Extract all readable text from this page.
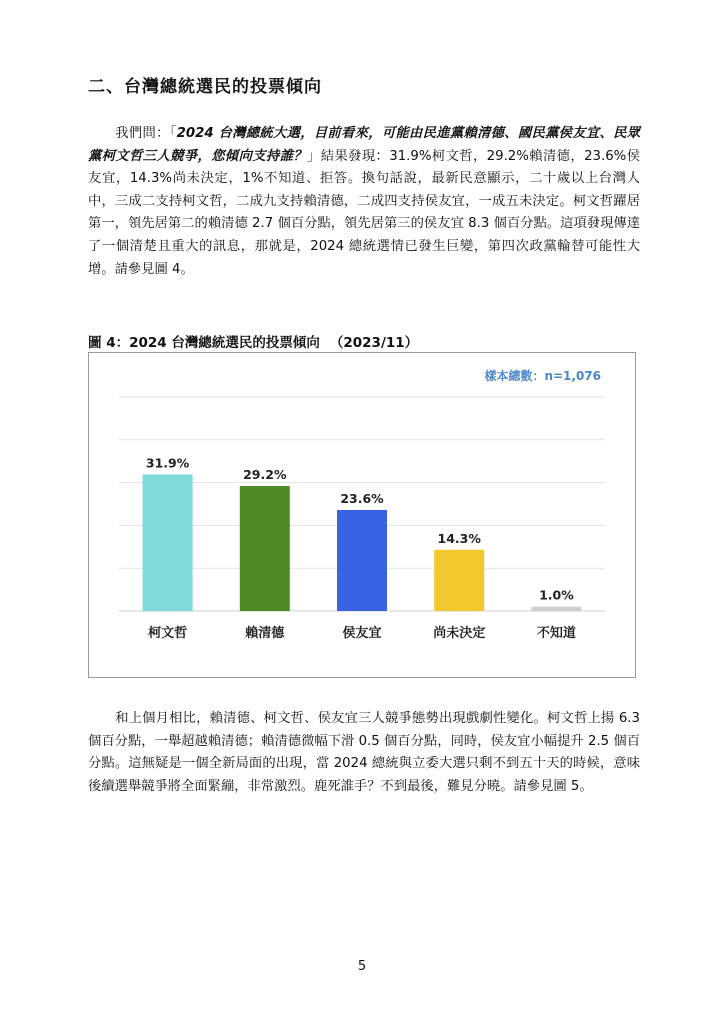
二、台灣總統選民的投票傾向
我們問：「2024 台灣總統大選，目前看來，可能由民進黨賴清德、國民黨侯友宜、民眾黨柯文哲三人競爭，您傾向支持誰？」結果發現：31.9%柯文哲，29.2%賴清德，23.6%侯友宜，14.3%尚未決定，1%不知道、拒答。換句話說，最新民意顯示，二十歲以上台灣人中，三成二支持柯文哲，二成九支持賴清德，二成四支持侯友宜，一成五未決定。柯文哲躍居第一，領先居第二的賴清德 2.7 個百分點，領先居第三的侯友宜 8.3 個百分點。這項發現傳達了一個清楚且重大的訊息，那就是，2024 總統選情已發生巨變，第四次政黨輪替可能性大增。請參見圖 4。
圖 4：2024 台灣總統選民的投票傾向 （2023/11）
樣本總數：n=1,076
31.9%
柯文哲
29.2%
賴清德
23.6%
侯友宜
14.3%
尚未決定
1.0%
不知道
和上個月相比，賴清德、柯文哲、侯友宜三人競爭態勢出現戲劇性變化。柯文哲上揚 6.3 個百分點，一舉超越賴清德；賴清德微幅下滑 0.5 個百分點，同時，侯友宜小幅提升 2.5 個百分點。這無疑是一個全新局面的出現，當 2024 總統與立委大選只剩不到五十天的時候，意味後續選舉競爭將全面緊繃，非常激烈。鹿死誰手？不到最後，難見分曉。請參見圖 5。
5
